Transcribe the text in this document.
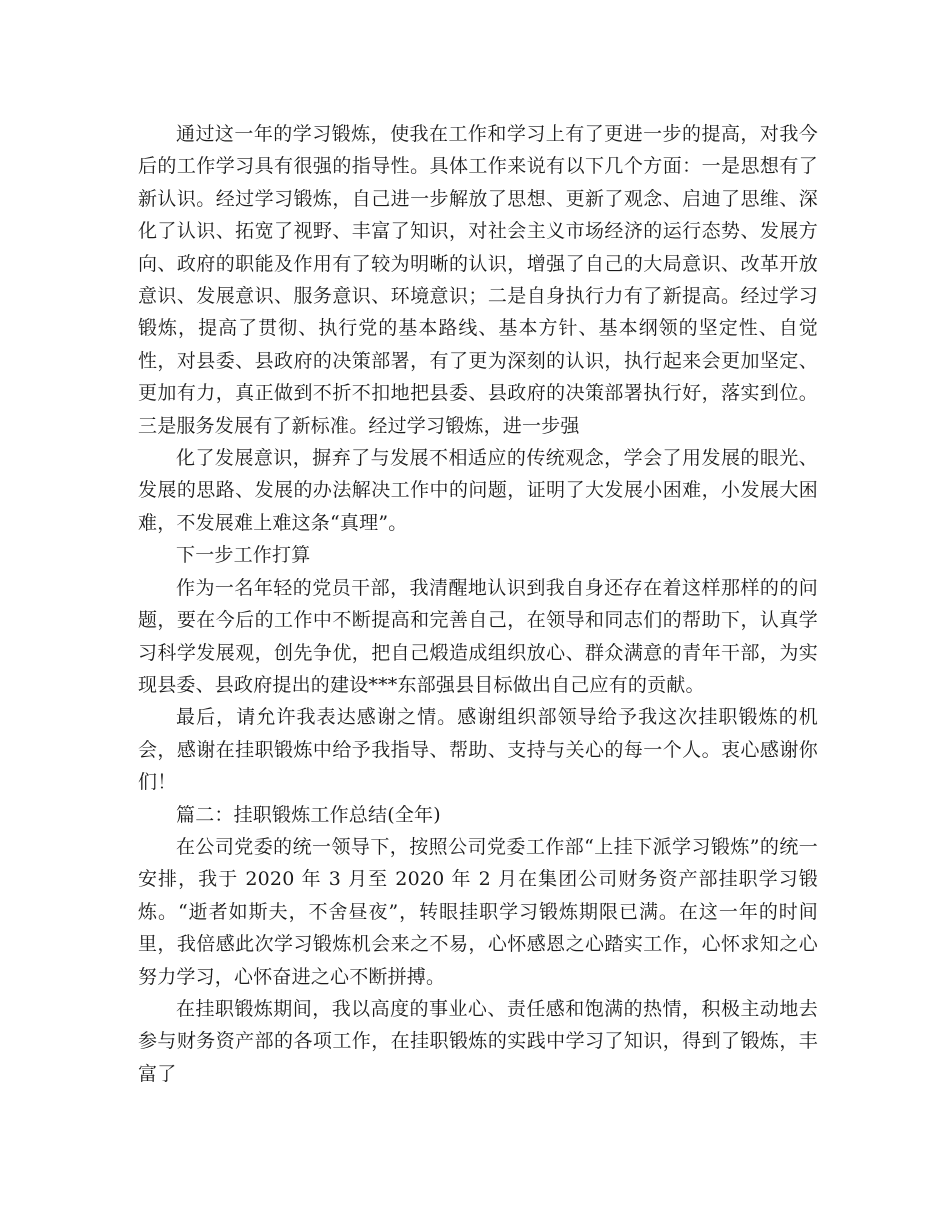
通过这一年的学习锻炼，使我在工作和学习上有了更进一步的提高，对我今后的工作学习具有很强的指导性。具体工作来说有以下几个方面：一是思想有了新认识。经过学习锻炼，自己进一步解放了思想、更新了观念、启迪了思维、深化了认识、拓宽了视野、丰富了知识，对社会主义市场经济的运行态势、发展方向、政府的职能及作用有了较为明晰的认识，增强了自己的大局意识、改革开放意识、发展意识、服务意识、环境意识；二是自身执行力有了新提高。经过学习锻炼，提高了贯彻、执行党的基本路线、基本方针、基本纲领的坚定性、自觉性，对县委、县政府的决策部署，有了更为深刻的认识，执行起来会更加坚定、更加有力，真正做到不折不扣地把县委、县政府的决策部署执行好，落实到位。三是服务发展有了新标准。经过学习锻炼，进一步强

化了发展意识，摒弃了与发展不相适应的传统观念，学会了用发展的眼光、发展的思路、发展的办法解决工作中的问题，证明了大发展小困难，小发展大困难，不发展难上难这条“真理”。

下一步工作打算

作为一名年轻的党员干部，我清醒地认识到我自身还存在着这样那样的的问题，要在今后的工作中不断提高和完善自己，在领导和同志们的帮助下，认真学习科学发展观，创先争优，把自己煅造成组织放心、群众满意的青年干部，为实现县委、县政府提出的建设***东部强县目标做出自己应有的贡献。

最后，请允许我表达感谢之情。感谢组织部领导给予我这次挂职锻炼的机会，感谢在挂职锻炼中给予我指导、帮助、支持与关心的每一个人。衷心感谢你们！

篇二：挂职锻炼工作总结(全年)

在公司党委的统一领导下，按照公司党委工作部“上挂下派学习锻炼”的统一安排，我于 2020 年 3 月至 2020 年 2 月在集团公司财务资产部挂职学习锻炼。“逝者如斯夫，不舍昼夜”，转眼挂职学习锻炼期限已满。在这一年的时间里，我倍感此次学习锻炼机会来之不易，心怀感恩之心踏实工作，心怀求知之心努力学习，心怀奋进之心不断拼搏。

在挂职锻炼期间，我以高度的事业心、责任感和饱满的热情，积极主动地去参与财务资产部的各项工作，在挂职锻炼的实践中学习了知识，得到了锻炼，丰富了
